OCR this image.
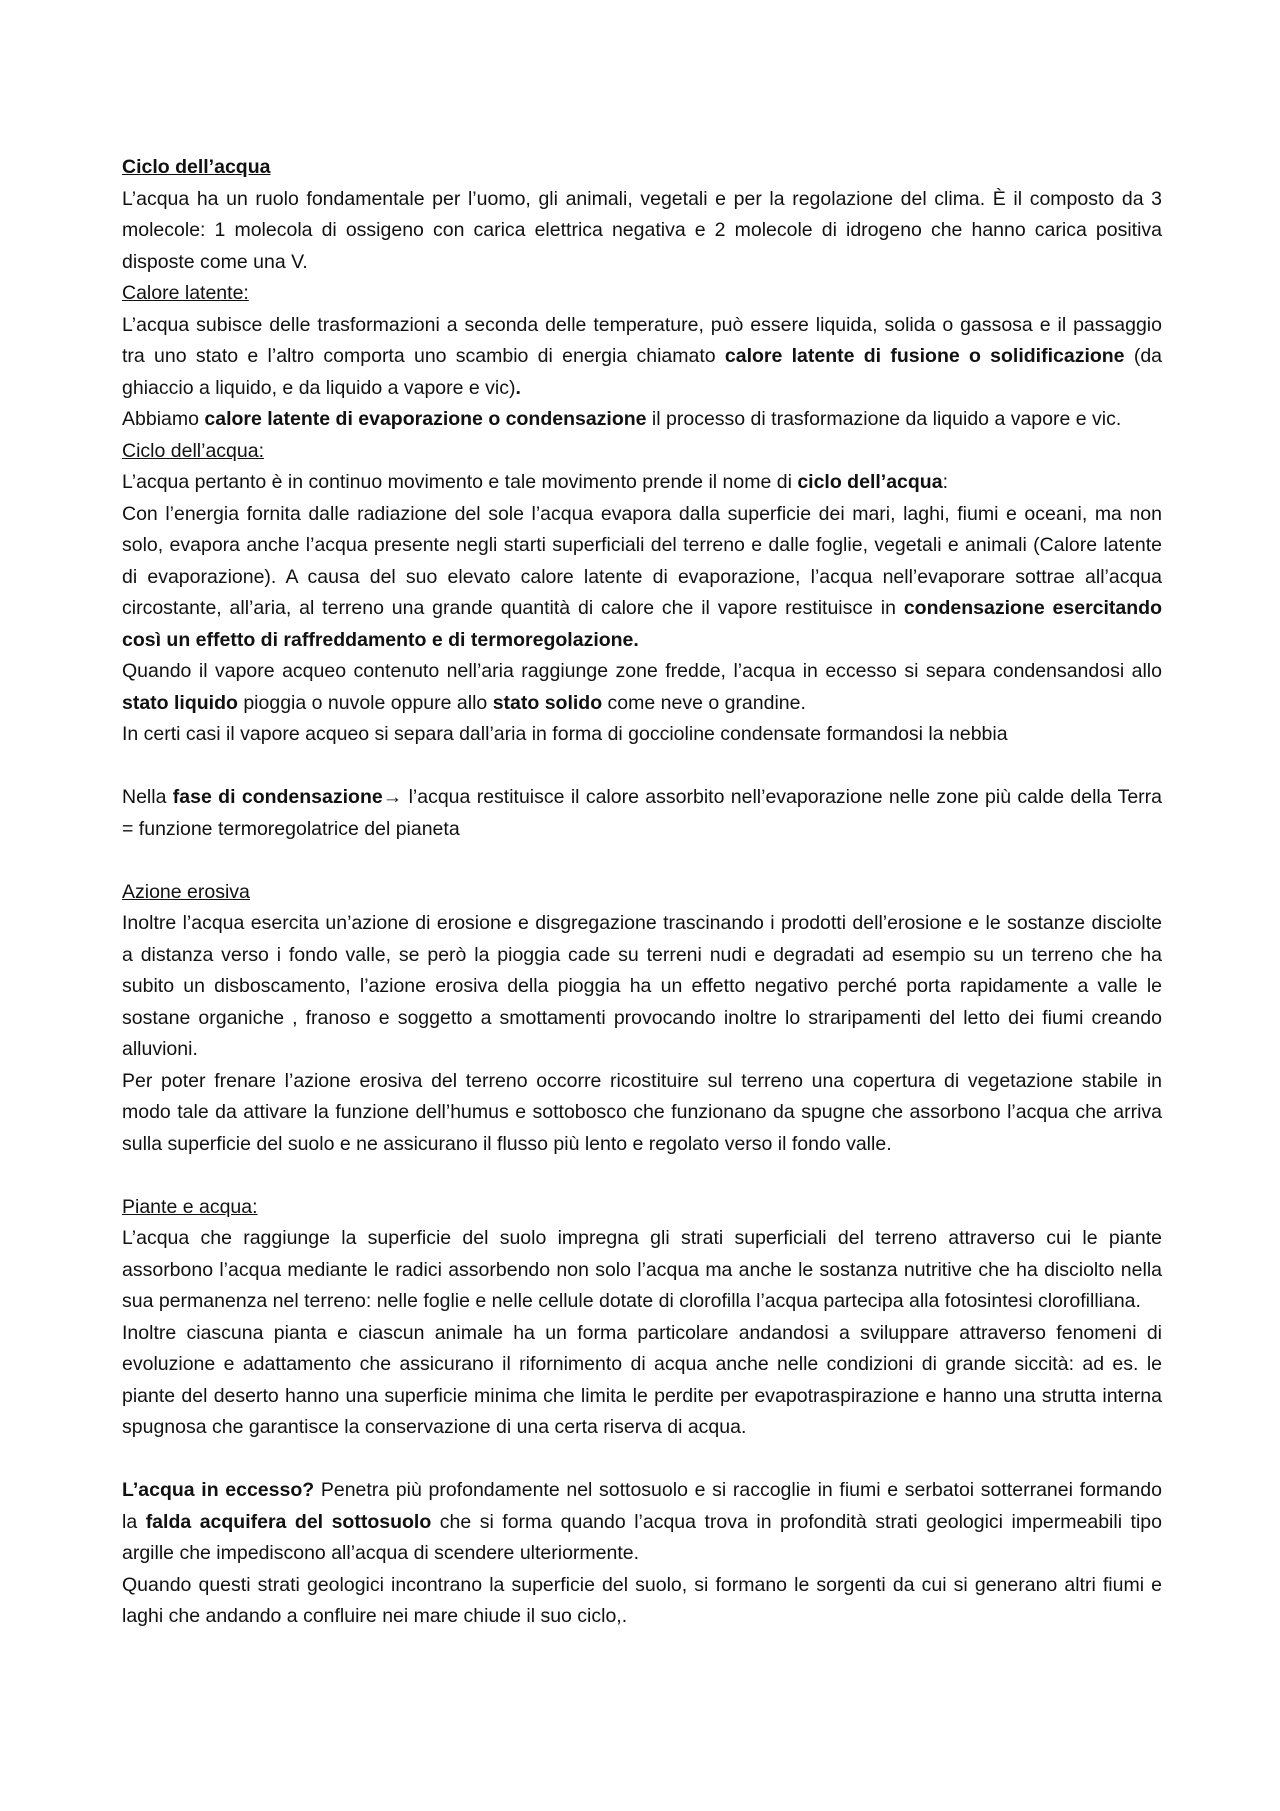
Ciclo dell’acqua

L’acqua ha un ruolo fondamentale per l’uomo, gli animali, vegetali e per la regolazione del clima. È il composto da 3 molecole: 1 molecola di ossigeno con carica elettrica negativa e 2 molecole di idrogeno che hanno carica positiva disposte come una V.

Calore latente:

L’acqua subisce delle trasformazioni a seconda delle temperature, può essere liquida, solida o gassosa e il passaggio tra uno stato e l’altro comporta uno scambio di energia chiamato calore latente di fusione o solidificazione (da ghiaccio a liquido, e da liquido a vapore e vic).

Abbiamo calore latente di evaporazione o condensazione il processo di trasformazione da liquido a vapore e vic.

Ciclo dell’acqua:

L’acqua pertanto è in continuo movimento e tale movimento prende il nome di ciclo dell’acqua:

Con l’energia fornita dalle radiazione del sole l’acqua evapora dalla superficie dei mari, laghi, fiumi e oceani, ma non solo, evapora anche l’acqua presente negli starti superficiali del terreno e dalle foglie, vegetali e animali (Calore latente di evaporazione). A causa del suo elevato calore latente di evaporazione, l’acqua nell’evaporare sottrae all’acqua circostante, all’aria, al terreno una grande quantità di calore che il vapore restituisce in condensazione esercitando così un effetto di raffreddamento e di termoregolazione.

Quando il vapore acqueo contenuto nell’aria raggiunge zone fredde, l’acqua in eccesso si separa condensandosi allo stato liquido pioggia o nuvole oppure allo stato solido come neve o grandine.

In certi casi il vapore acqueo si separa dall’aria in forma di goccioline condensate formandosi la nebbia

Nella fase di condensazione→ l’acqua restituisce il calore assorbito nell’evaporazione nelle zone più calde della Terra = funzione termoregolatrice del pianeta

Azione erosiva

Inoltre l’acqua esercita un’azione di erosione e disgregazione trascinando i prodotti dell’erosione e le sostanze disciolte a distanza verso i fondo valle, se però la pioggia cade su terreni nudi e degradati ad esempio su un terreno che ha subito un disboscamento, l’azione erosiva della pioggia ha un effetto negativo perché porta rapidamente a valle le sostane organiche , franoso e soggetto a smottamenti provocando inoltre lo straripamenti del letto dei fiumi creando alluvioni.

Per poter frenare l’azione erosiva del terreno occorre ricostituire sul terreno una copertura di vegetazione stabile in modo tale da attivare la funzione dell’humus e sottobosco che funzionano da spugne che assorbono l’acqua che arriva sulla superficie del suolo e ne assicurano il flusso più lento e regolato verso il fondo valle.

Piante e acqua:

L’acqua che raggiunge la superficie del suolo impregna gli strati superficiali del terreno attraverso cui le piante assorbono l’acqua mediante le radici assorbendo non solo l’acqua ma anche le sostanza nutritive che ha disciolto nella sua permanenza nel terreno: nelle foglie e nelle cellule dotate di clorofilla l’acqua partecipa alla fotosintesi clorofilliana.

Inoltre ciascuna pianta e ciascun animale ha un forma particolare andandosi a sviluppare attraverso fenomeni di evoluzione e adattamento che assicurano il rifornimento di acqua anche nelle condizioni di grande siccità: ad es. le piante del deserto hanno una superficie minima che limita le perdite per evapotraspirazione e hanno una strutta interna spugnosa che garantisce la conservazione di una certa riserva di acqua.

L’acqua in eccesso? Penetra più profondamente nel sottosuolo e si raccoglie in fiumi e serbatoi sotterranei formando la falda acquifera del sottosuolo che si forma quando l’acqua trova in profondità strati geologici impermeabili tipo argille che impediscono all’acqua di scendere ulteriormente.

Quando questi strati geologici incontrano la superficie del suolo, si formano le sorgenti da cui si generano altri fiumi e laghi che andando a confluire nei mare chiude il suo ciclo,.
